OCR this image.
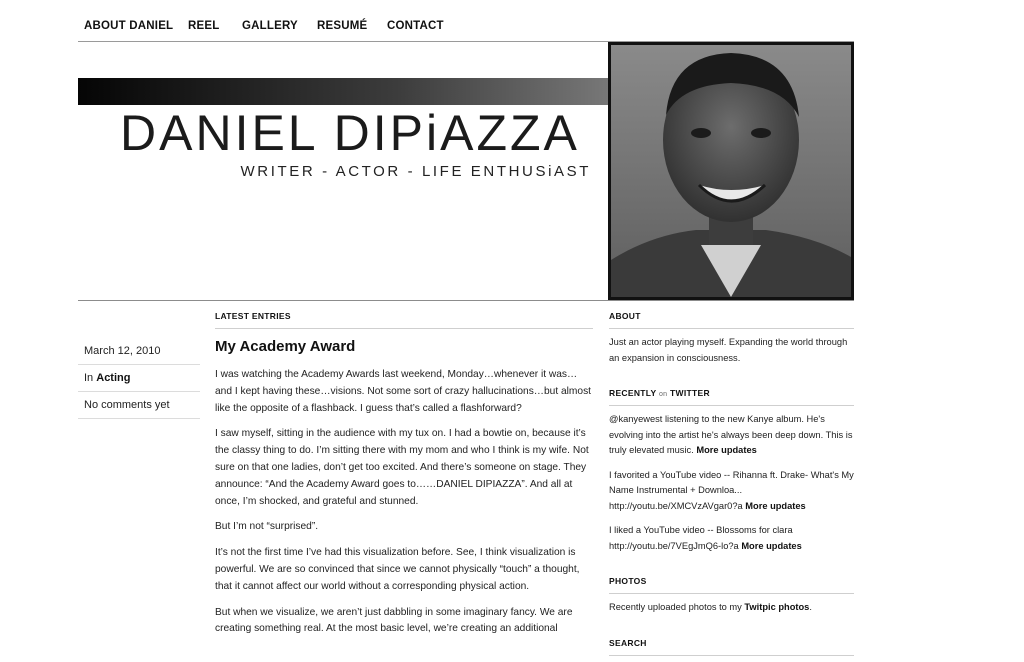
ABOUT DANIEL REEL GALLERY RESUMÉ CONTACT
DANIEL DIPiAZZA
WRITER - ACTOR - LIFE ENTHUSiAST
March 12, 2010
In Acting
No comments yet
LATEST ENTRIES
My Academy Award

I was watching the Academy Awards last weekend, Monday…whenever it was…and I kept having these…visions. Not some sort of crazy hallucinations…but almost like the opposite of a flashback. I guess that’s called a flashforward?

I saw myself, sitting in the audience with my tux on. I had a bowtie on, because it’s the classy thing to do. I’m sitting there with my mom and who I think is my wife. Not sure on that one ladies, don’t get too excited. And there’s someone on stage. They announce: “And the Academy Award goes to……DANIEL DIPIAZZA”. And all at once, I’m shocked, and grateful and stunned.

But I’m not “surprised”.

It’s not the first time I’ve had this visualization before. See, I think visualization is powerful. We are so convinced that since we cannot physically “touch” a thought, that it cannot affect our world without a corresponding physical action.

But when we visualize, we aren’t just dabbling in some imaginary fancy. We are creating something real. At the most basic level, we’re creating an additional

ABOUT

Just an actor playing myself. Expanding the world through an expansion in consciousness.

RECENTLY on TWITTER

@kanyewest listening to the new Kanye album. He's evolving into the artist he's always been deep down. This is truly elevated music. More updates

I favorited a YouTube video -- Rihanna ft. Drake- What's My Name Instrumental + Downloa... http://youtu.be/XMCVzAVgar0?a More updates

I liked a YouTube video -- Blossoms for clara http://youtu.be/7VEgJmQ6-lo?a More updates

PHOTOS

Recently uploaded photos to my Twitpic photos.

SEARCH
